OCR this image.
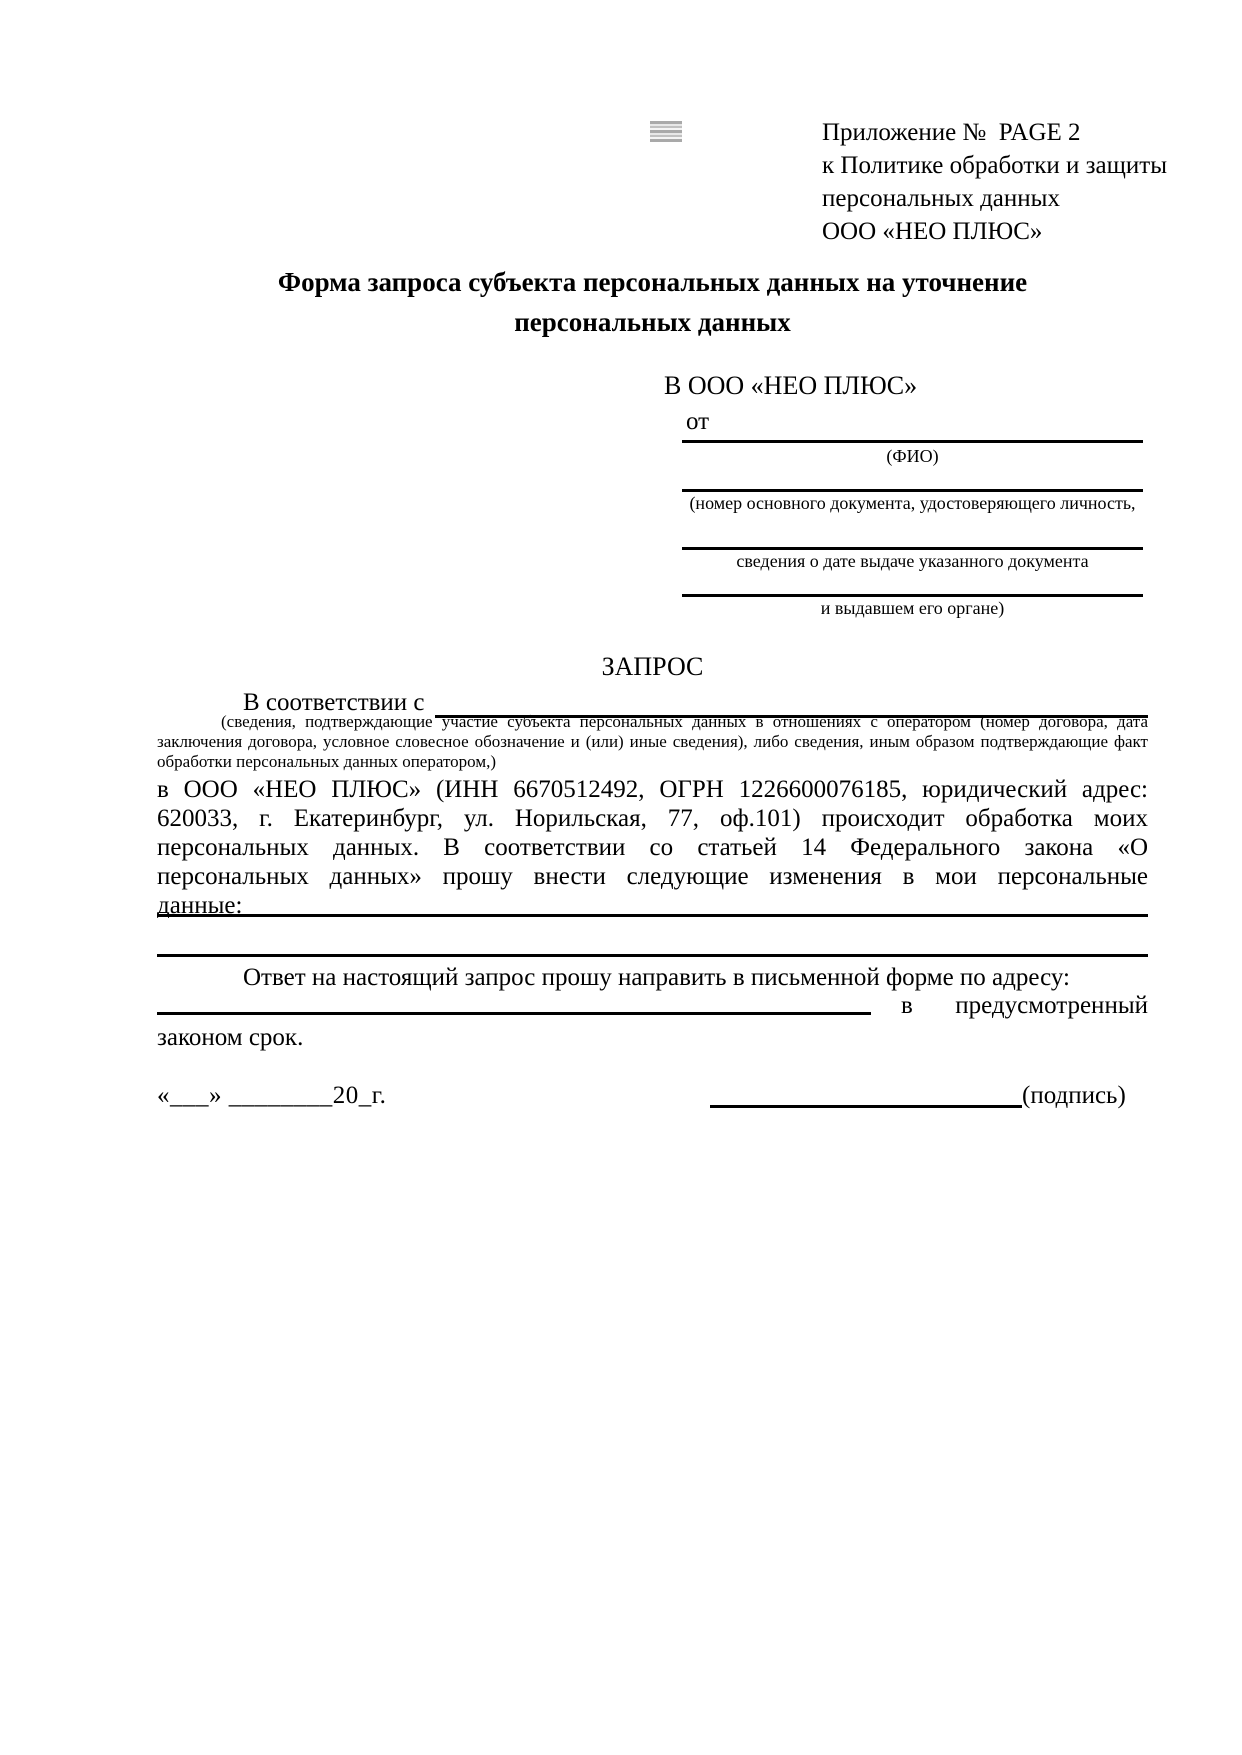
Приложение №  PAGE 2
к Политике обработки и защиты
персональных данных
ООО «НЕО ПЛЮС»
Форма запроса субъекта персональных данных на уточнение
персональных данных
В ООО «НЕО ПЛЮС»
от
(ФИО)
(номер основного документа, удостоверяющего личность,
сведения о дате выдаче указанного документа
и выдавшем его органе)
ЗАПРОС
В соответствии с
(сведения, подтверждающие участие субъекта персональных данных в отношениях с оператором (номер договора, дата заключения договора, условное словесное обозначение и (или) иные сведения), либо сведения, иным образом подтверждающие факт обработки персональных данных оператором,)
в ООО «НЕО ПЛЮС» (ИНН 6670512492, ОГРН 1226600076185, юридический адрес: 620033, г. Екатеринбург, ул. Норильская, 77, оф.101) происходит обработка моих персональных данных. В соответствии со статьей 14 Федерального закона «О персональных данных» прошу внести следующие изменения в мои персональные данные:
Ответ на настоящий запрос прошу направить в письменной форме по адресу:
в предусмотренный
законом срок.
«___» ________20_г.	(подпись)
